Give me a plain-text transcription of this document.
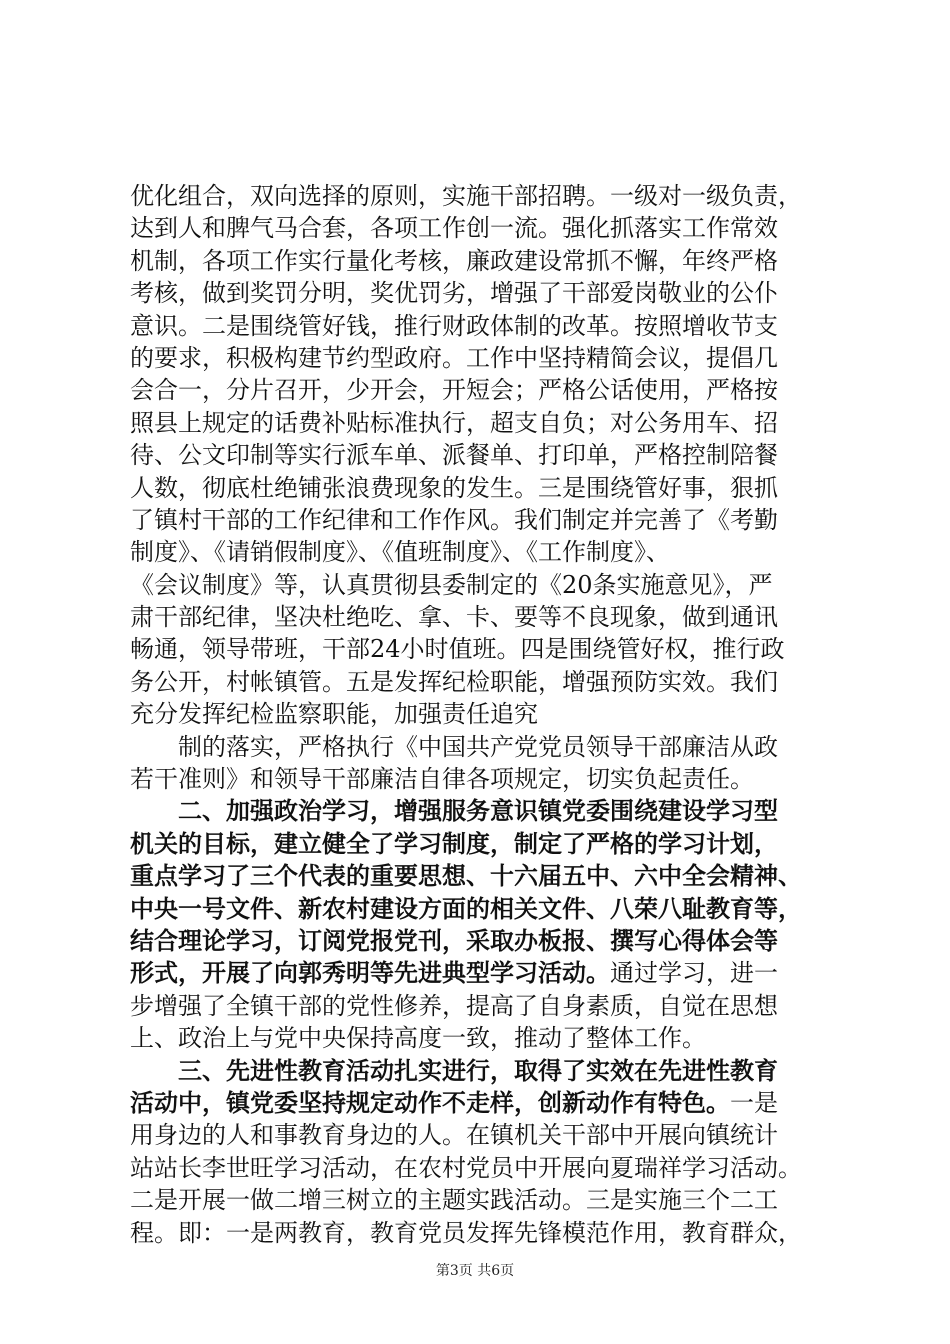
优化组合，双向选择的原则，实施干部招聘。一级对一级负责，
达到人和脾气马合套，各项工作创一流。强化抓落实工作常效
机制，各项工作实行量化考核，廉政建设常抓不懈，年终严格
考核，做到奖罚分明，奖优罚劣，增强了干部爱岗敬业的公仆
意识。二是围绕管好钱，推行财政体制的改革。按照增收节支
的要求，积极构建节约型政府。工作中坚持精简会议，提倡几
会合一，分片召开，少开会，开短会；严格公话使用，严格按
照县上规定的话费补贴标准执行，超支自负；对公务用车、招
待、公文印制等实行派车单、派餐单、打印单，严格控制陪餐
人数，彻底杜绝铺张浪费现象的发生。三是围绕管好事，狠抓
了镇村干部的工作纪律和工作作风。我们制定并完善了《考勤
制度》、《请销假制度》、《值班制度》、《工作制度》、
《会议制度》等，认真贯彻县委制定的《20条实施意见》，严
肃干部纪律，坚决杜绝吃、拿、卡、要等不良现象，做到通讯
畅通，领导带班，干部24小时值班。四是围绕管好权，推行政
务公开，村帐镇管。五是发挥纪检职能，增强预防实效。我们
充分发挥纪检监察职能，加强责任追究
制的落实，严格执行《中国共产党党员领导干部廉洁从政
若干准则》和领导干部廉洁自律各项规定，切实负起责任。
二、加强政治学习，增强服务意识镇党委围绕建设学习型
机关的目标，建立健全了学习制度，制定了严格的学习计划，
重点学习了三个代表的重要思想、十六届五中、六中全会精神、
中央一号文件、新农村建设方面的相关文件、八荣八耻教育等，
结合理论学习，订阅党报党刊，采取办板报、撰写心得体会等
形式，开展了向郭秀明等先进典型学习活动。通过学习，进一
步增强了全镇干部的党性修养，提高了自身素质，自觉在思想
上、政治上与党中央保持高度一致，推动了整体工作。
三、先进性教育活动扎实进行，取得了实效在先进性教育
活动中，镇党委坚持规定动作不走样，创新动作有特色。一是
用身边的人和事教育身边的人。在镇机关干部中开展向镇统计
站站长李世旺学习活动，在农村党员中开展向夏瑞祥学习活动。
二是开展一做二增三树立的主题实践活动。三是实施三个二工
程。即：一是两教育，教育党员发挥先锋模范作用，教育群众，
第3页 共6页
